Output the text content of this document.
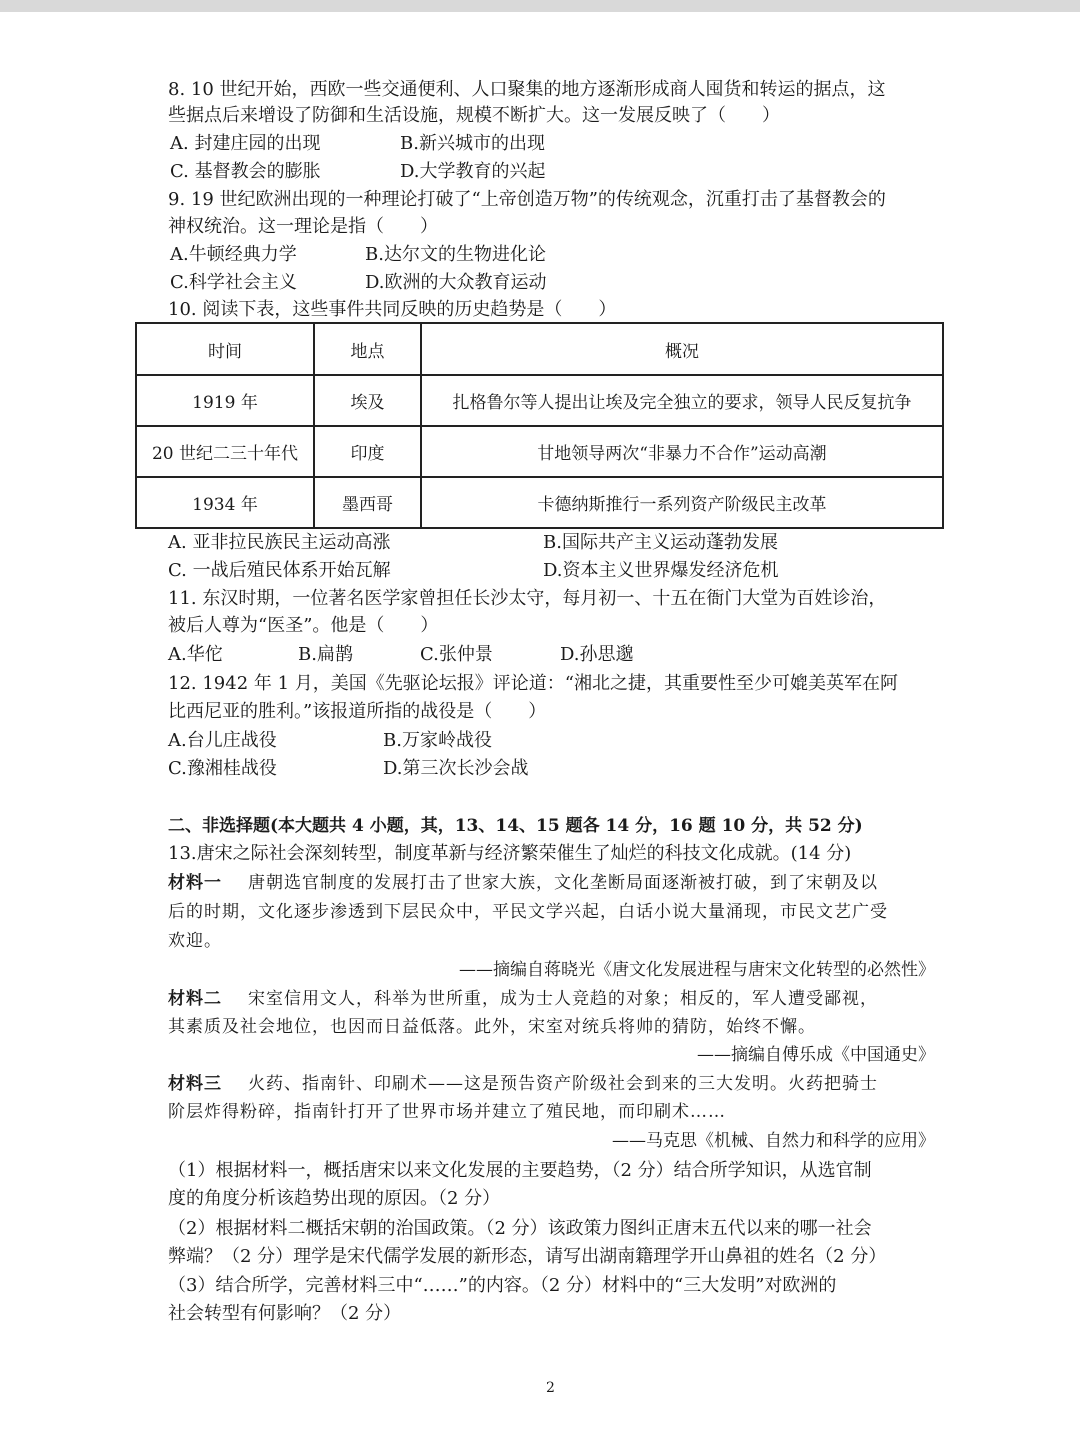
8. 10 世纪开始，西欧一些交通便利、人口聚集的地方逐渐形成商人囤货和转运的据点，这
些据点后来增设了防御和生活设施，规模不断扩大。这一发展反映了（　　）
A. 封建庄园的出现	B.新兴城市的出现
C. 基督教会的膨胀	D.大学教育的兴起
9. 19 世纪欧洲出现的一种理论打破了“上帝创造万物”的传统观念，沉重打击了基督教会的
神权统治。这一理论是指（　　）
A.牛顿经典力学	B.达尔文的生物进化论
C.科学社会主义	D.欧洲的大众教育运动
10. 阅读下表，这些事件共同反映的历史趋势是（　　）
时间	地点	概况
1919 年	埃及	扎格鲁尔等人提出让埃及完全独立的要求，领导人民反复抗争
20 世纪二三十年代	印度	甘地领导两次“非暴力不合作”运动高潮
1934 年	墨西哥	卡德纳斯推行一系列资产阶级民主改革
A. 亚非拉民族民主运动高涨	B.国际共产主义运动蓬勃发展
C. 一战后殖民体系开始瓦解	D.资本主义世界爆发经济危机
11. 东汉时期，一位著名医学家曾担任长沙太守，每月初一、十五在衙门大堂为百姓诊治，
被后人尊为“医圣”。他是（　　）
A.华佗	B.扁鹊	C.张仲景	D.孙思邈
12. 1942 年 1 月，美国《先驱论坛报》评论道：“湘北之捷，其重要性至少可媲美英军在阿
比西尼亚的胜利。”该报道所指的战役是（　　）
A.台儿庄战役	B.万家岭战役
C.豫湘桂战役	D.第三次长沙会战
二、非选择题(本大题共 4 小题，其，13、14、15 题各 14 分，16 题 10 分，共 52 分)
13.唐宋之际社会深刻转型，制度革新与经济繁荣催生了灿烂的科技文化成就。(14 分)
材料一 唐朝选官制度的发展打击了世家大族，文化垄断局面逐渐被打破，到了宋朝及以
后的时期，文化逐步渗透到下层民众中，平民文学兴起，白话小说大量涌现，市民文艺广受
欢迎。
——摘编自蒋晓光《唐文化发展进程与唐宋文化转型的必然性》
材料二 宋室信用文人，科举为世所重，成为士人竞趋的对象；相反的，军人遭受鄙视，
其素质及社会地位，也因而日益低落。此外，宋室对统兵将帅的猜防，始终不懈。
——摘编自傅乐成《中国通史》
材料三 火药、指南针、印刷术——这是预告资产阶级社会到来的三大发明。火药把骑士
阶层炸得粉碎，指南针打开了世界市场并建立了殖民地，而印刷术……
——马克思《机械、自然力和科学的应用》
（1）根据材料一，概括唐宋以来文化发展的主要趋势，（2 分）结合所学知识，从选官制
度的角度分析该趋势出现的原因。（2 分）
（2）根据材料二概括宋朝的治国政策。（2 分）该政策力图纠正唐末五代以来的哪一社会
弊端？（2 分）理学是宋代儒学发展的新形态，请写出湖南籍理学开山鼻祖的姓名（2 分）
（3）结合所学，完善材料三中“……”的内容。（2 分）材料中的“三大发明”对欧洲的
社会转型有何影响？（2 分）
2
